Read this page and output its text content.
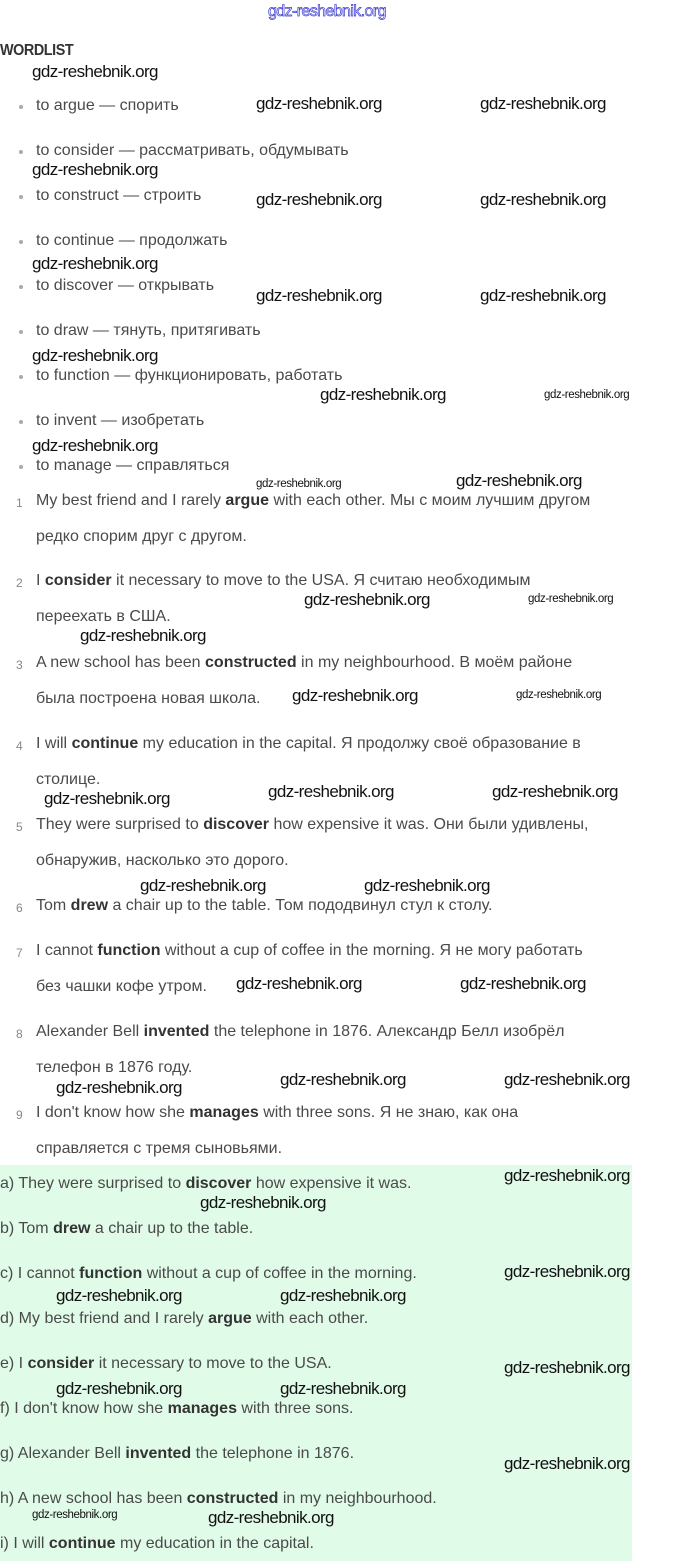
WORDLIST
to argue — спорить
to consider — рассматривать, обдумывать
to construct — строить
to continue — продолжать
to discover — открывать
to draw — тянуть, притягивать
to function — функционировать, работать
to invent — изобретать
to manage — справляться
1 My best friend and I rarely argue with each other. Мы с моим лучшим другом
редко спорим друг с другом.
2 I consider it necessary to move to the USA. Я считаю необходимым
переехать в США.
3 A new school has been constructed in my neighbourhood. В моём районе
была построена новая школа.
4 I will continue my education in the capital. Я продолжу своё образование в
столице.
5 They were surprised to discover how expensive it was. Они были удивлены,
обнаружив, насколько это дорого.
6 Tom drew a chair up to the table. Том пододвинул стул к столу.
7 I cannot function without a cup of coffee in the morning. Я не могу работать
без чашки кофе утром.
8 Alexander Bell invented the telephone in 1876. Александр Белл изобрёл
телефон в 1876 году.
9 I don't know how she manages with three sons. Я не знаю, как она
справляется с тремя сыновьями.
a) They were surprised to discover how expensive it was.
b) Tom drew a chair up to the table.
c) I cannot function without a cup of coffee in the morning.
d) My best friend and I rarely argue with each other.
e) I consider it necessary to move to the USA.
f) I don't know how she manages with three sons.
g) Alexander Bell invented the telephone in 1876.
h) A new school has been constructed in my neighbourhood.
i) I will continue my education in the capital.
gdz-reshebnik.org
gdz-reshebnik.org
gdz-reshebnik.org	gdz-reshebnik.org
gdz-reshebnik.org
gdz-reshebnik.org	gdz-reshebnik.org
gdz-reshebnik.org
gdz-reshebnik.org	gdz-reshebnik.org
gdz-reshebnik.org
gdz-reshebnik.org	gdz-reshebnik.org
gdz-reshebnik.org
gdz-reshebnik.org	gdz-reshebnik.org
gdz-reshebnik.org
gdz-reshebnik.org	gdz-reshebnik.org
gdz-reshebnik.org	gdz-reshebnik.org
gdz-reshebnik.org	gdz-reshebnik.org	gdz-reshebnik.org
gdz-reshebnik.org	gdz-reshebnik.org
gdz-reshebnik.org	gdz-reshebnik.org
gdz-reshebnik.org	gdz-reshebnik.org	gdz-reshebnik.org
gdz-reshebnik.org
gdz-reshebnik.org
gdz-reshebnik.org
gdz-reshebnik.org	gdz-reshebnik.org
gdz-reshebnik.org
gdz-reshebnik.org	gdz-reshebnik.org
gdz-reshebnik.org
gdz-reshebnik.org	gdz-reshebnik.org
